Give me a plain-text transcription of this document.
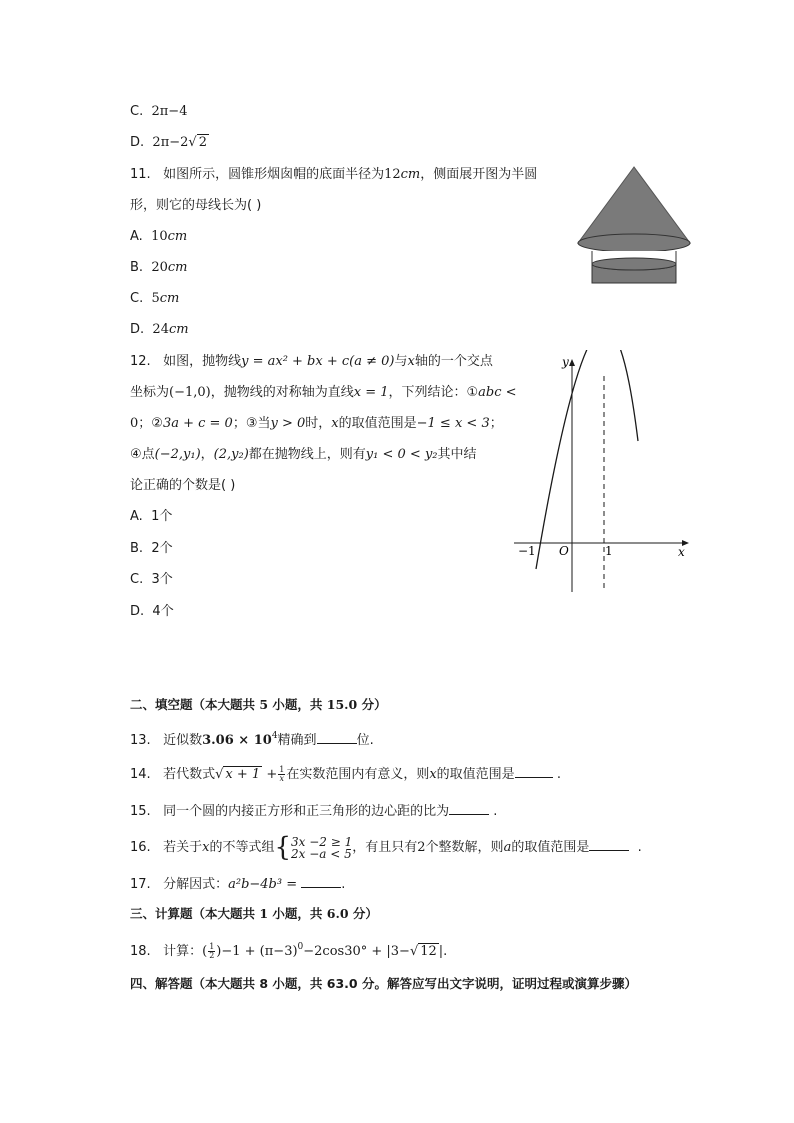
C. 2π−4
D. 2π−2√ 2
11. 如图所示，圆锥形烟囱帽的底面半径为12cm，侧面展开图为半圆
形，则它的母线长为( )
A. 10cm
B. 20cm
C. 5cm
D. 24cm
12. 如图，抛物线y = ax² + bx + c(a ≠ 0)与x轴的一个交点
坐标为(−1,0)，抛物线的对称轴为直线x = 1，下列结论：①abc <
0；②3a + c = 0；③当y > 0时，x的取值范围是−1 ≤ x < 3；
④点(−2,y₁)，(2,y₂)都在抛物线上，则有y₁ < 0 < y₂其中结
论正确的个数是( )
A. 1个
B. 2个
C. 3个
D. 4个
y
x
O
−1	1
二、填空题（本大题共 5 小题，共 15.0 分）
13. 近似数$3.06 \times 10^4$精确到	位.
14. 若代数式√ $x + 1 + \frac{1}{x}$ 在实数范围内有意义，则x的取值范围是	.
15. 同一个圆的内接正方形和正三角形的边心距的比为	.
16. 若关于x的不等式组{ 3x −2 ≥ 1
2x −a < 5 ，有且只有2个整数解，则a的取值范围是	.
17. 分解因式：a²b−4b³ =	.
三、计算题（本大题共 1 小题，共 6.0 分）
18. 计算：( $\frac{1}{2} )-1 + (\pi-3)^0-2\cos 30^\circ + |3-√$ 12 |.
四、解答题（本大题共 8 小题，共 63.0 分。解答应写出文字说明，证明过程或演算步骤）
